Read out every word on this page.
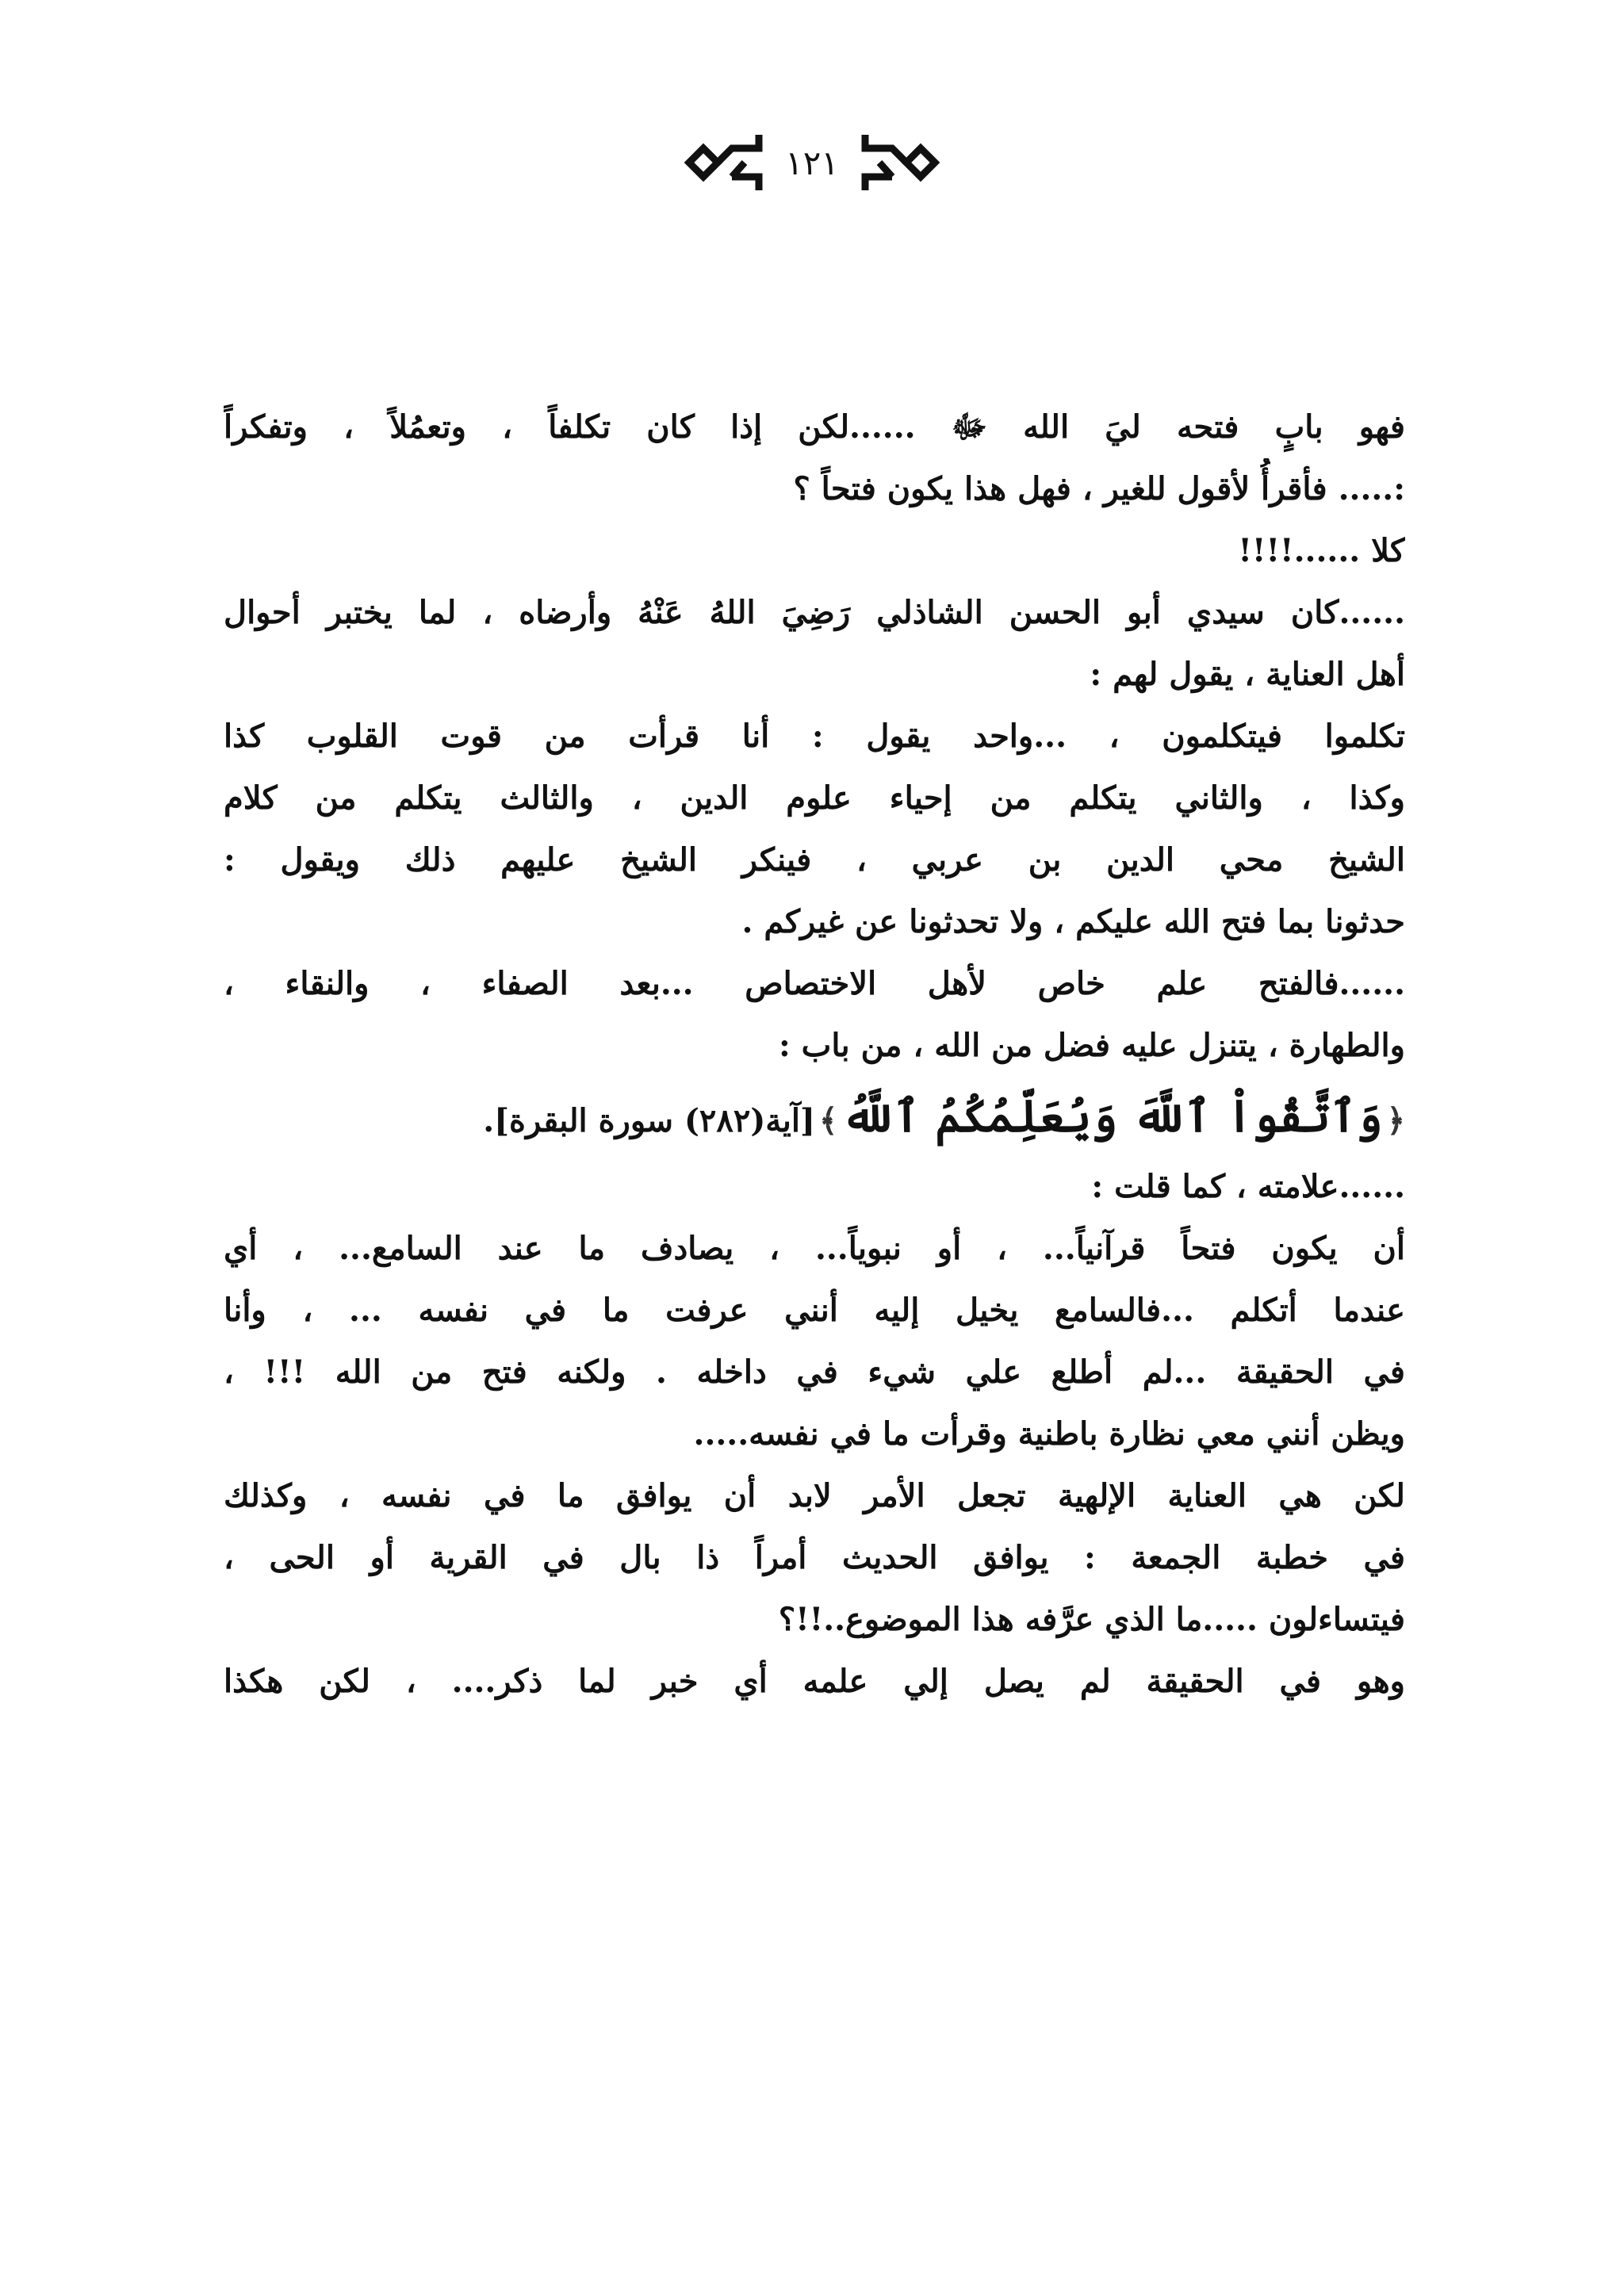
١٢١
فهو بابٍ فتحه ليَ الله ﷻ ......لكن إذا كان تكلفاً ، وتعمُلاً ، وتفكراً
:..... فأقرأُ لأقول للغير ، فهل هذا يكون فتحاً ؟
كلا ......!!!!
......كان سيدي أبو الحسن الشاذلي رَضِيَ اللهُ عَنْهُ وأرضاه ، لما يختبر أحوال
أهل العناية ، يقول لهم :
تكلموا فيتكلمون ، ...واحد يقول : أنا قرأت من قوت القلوب كذا
وكذا ، والثاني يتكلم من إحياء علوم الدين ، والثالث يتكلم من كلام
الشيخ محي الدين بن عربي ، فينكر الشيخ عليهم ذلك ويقول :
حدثونا بما فتح الله عليكم ، ولا تحدثونا عن غيركم .
......فالفتح علم خاص لأهل الاختصاص ...بعد الصفاء ، والنقاء ،
والطهارة ، يتنزل عليه فضل من الله ، من باب :
﴿ وَٱتَّقُواْ ٱللَّهَ وَيُعَلِّمُكُمُ ٱللَّهُ ﴾ [آية(٢٨٢) سورة البقرة].
......علامته ، كما قلت :
أن يكون فتحاً قرآنياً... ، أو نبوياً... ، يصادف ما عند السامع... ، أي
عندما أتكلم ...فالسامع يخيل إليه أنني عرفت ما في نفسه ... ، وأنا
في الحقيقة ...لم أطلع علي شيء في داخله . ولكنه فتح من الله !!! ،
ويظن أنني معي نظارة باطنية وقرأت ما في نفسه.....
لكن هي العناية الإلهية تجعل الأمر لابد أن يوافق ما في نفسه ، وكذلك
في خطبة الجمعة : يوافق الحديث أمراً ذا بال في القرية أو الحى ،
فيتساءلون .....ما الذي عرَّفه هذا الموضوع..!!؟
وهو في الحقيقة لم يصل إلي علمه أي خبر لما ذكر.... ، لكن هكذا
